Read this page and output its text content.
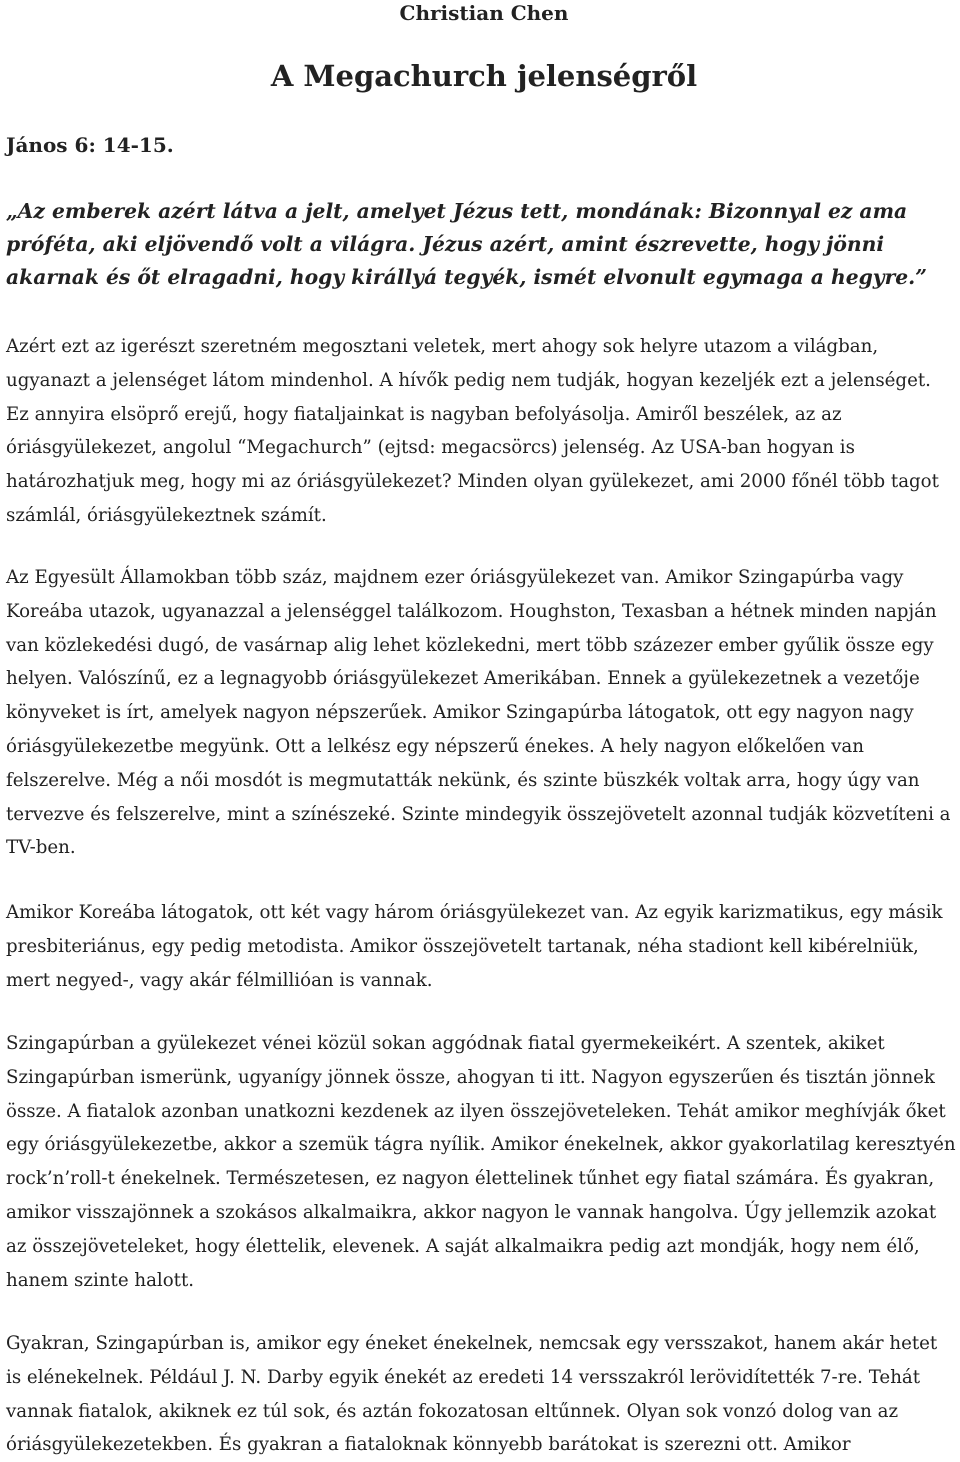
Christian Chen
A Megachurch jelenségről

János 6: 14-15.

„Az emberek azért látva a jelt, amelyet Jézus tett, mondának: Bizonnyal ez ama próféta, aki eljövendő volt a világra. Jézus azért, amint észrevette, hogy jönni akarnak és őt elragadni, hogy királlyá tegyék, ismét elvonult egymaga a hegyre.”

Azért ezt az igerészt szeretném megosztani veletek, mert ahogy sok helyre utazom a világban, ugyanazt a jelenséget látom mindenhol. A hívők pedig nem tudják, hogyan kezeljék ezt a jelenséget. Ez annyira elsöprő erejű, hogy fiataljainkat is nagyban befolyásolja. Amiről beszélek, az az óriásgyülekezet, angolul “Megachurch” (ejtsd: megacsörcs) jelenség. Az USA-ban hogyan is határozhatjuk meg, hogy mi az óriásgyülekezet? Minden olyan gyülekezet, ami 2000 főnél több tagot számlál, óriásgyülekeztnek számít.

Az Egyesült Államokban több száz, majdnem ezer óriásgyülekezet van. Amikor Szingapúrba vagy Koreába utazok, ugyanazzal a jelenséggel találkozom. Houghston, Texasban a hétnek minden napján van közlekedési dugó, de vasárnap alig lehet közlekedni, mert több százezer ember gyűlik össze egy helyen. Valószínű, ez a legnagyobb óriásgyülekezet Amerikában. Ennek a gyülekezetnek a vezetője könyveket is írt, amelyek nagyon népszerűek. Amikor Szingapúrba látogatok, ott egy nagyon nagy óriásgyülekezetbe megyünk. Ott a lelkész egy népszerű énekes. A hely nagyon előkelően van felszerelve. Még a női mosdót is megmutatták nekünk, és szinte büszkék voltak arra, hogy úgy van tervezve és felszerelve, mint a színészeké. Szinte mindegyik összejövetelt azonnal tudják közvetíteni a TV-ben.

Amikor Koreába látogatok, ott két vagy három óriásgyülekezet van. Az egyik karizmatikus, egy másik presbiteriánus, egy pedig metodista. Amikor összejövetelt tartanak, néha stadiont kell kibérelniük, mert negyed-, vagy akár félmillióan is vannak.

Szingapúrban a gyülekezet vénei közül sokan aggódnak fiatal gyermekeikért. A szentek, akiket Szingapúrban ismerünk, ugyanígy jönnek össze, ahogyan ti itt. Nagyon egyszerűen és tisztán jönnek össze. A fiatalok azonban unatkozni kezdenek az ilyen összejöveteleken. Tehát amikor meghívják őket egy óriásgyülekezetbe, akkor a szemük tágra nyílik. Amikor énekelnek, akkor gyakorlatilag keresztyén rock’n’roll-t énekelnek. Természetesen, ez nagyon élettelinek tűnhet egy fiatal számára. És gyakran, amikor visszajönnek a szokásos alkalmaikra, akkor nagyon le vannak hangolva. Úgy jellemzik azokat az összejöveteleket, hogy élettelik, elevenek. A saját alkalmaikra pedig azt mondják, hogy nem élő, hanem szinte halott.

Gyakran, Szingapúrban is, amikor egy éneket énekelnek, nemcsak egy versszakot, hanem akár hetet is elénekelnek. Például J. N. Darby egyik énekét az eredeti 14 versszakról lerövidítették 7-re. Tehát vannak fiatalok, akiknek ez túl sok, és aztán fokozatosan eltűnnek. Olyan sok vonzó dolog van az óriásgyülekezetekben. És gyakran a fiataloknak könnyebb barátokat is szerezni ott. Amikor
